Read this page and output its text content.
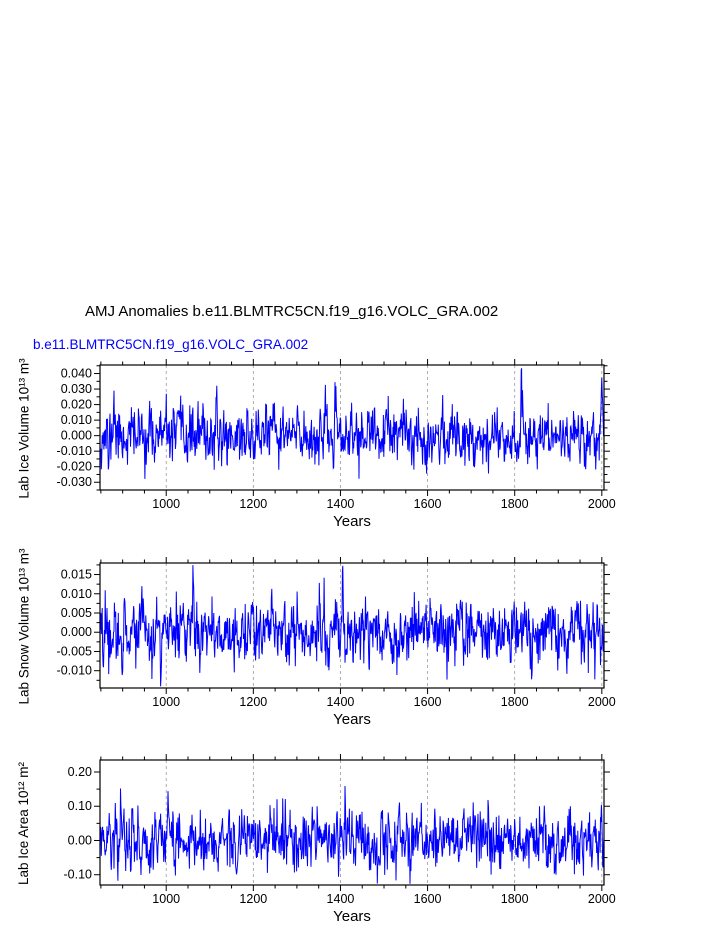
AMJ Anomalies b.e11.BLMTRC5CN.f19_g16.VOLC_GRA.002
b.e11.BLMTRC5CN.f19_g16.VOLC_GRA.002
1000	1200	1400	1600	1800	2000
-0.030
-0.020
-0.010
0.000
0.010
0.020
0.030
0.040
Lab Ice Volume 10¹³ m³
Years
1000	1200	1400	1600	1800	2000
-0.010
-0.005
0.000
0.005
0.010
0.015
Lab Snow Volume 10¹³ m³
Years
1000	1200	1400	1600	1800	2000
-0.10
0.00
0.10
0.20
Lab Ice Area 10¹² m²
Years
